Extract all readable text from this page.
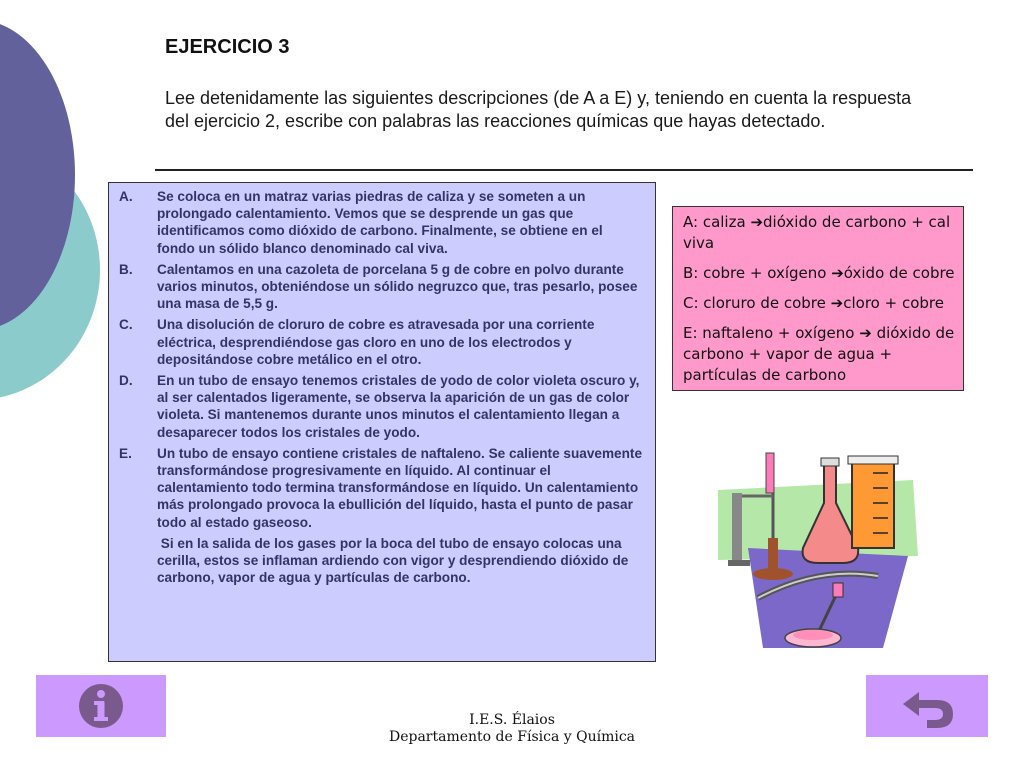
EJERCICIO 3

Lee detenidamente las siguientes descripciones (de A a E) y, teniendo en cuenta la respuesta del ejercicio 2, escribe con palabras las reacciones químicas que hayas detectado.

A.	Se coloca en un matraz varias piedras de caliza y se someten a un prolongado calentamiento. Vemos que se desprende un gas que identificamos como dióxido de carbono. Finalmente, se obtiene en el fondo un sólido blanco denominado cal viva.
B.	Calentamos en una cazoleta de porcelana 5 g de cobre en polvo durante varios minutos, obteniéndose un sólido negruzco que, tras pesarlo, posee una masa de 5,5 g.
C.	Una disolución de cloruro de cobre es atravesada por una corriente eléctrica, desprendiéndose gas cloro en uno de los electrodos y depositándose cobre metálico en el otro.
D.	En un tubo de ensayo tenemos cristales de yodo de color violeta oscuro y, al ser calentados ligeramente, se observa la aparición de un gas de color violeta. Si mantenemos durante unos minutos el calentamiento llegan a desaparecer todos los cristales de yodo.
E.	Un tubo de ensayo contiene cristales de naftaleno. Se caliente suavemente transformándose progresivamente en líquido. Al continuar el calentamiento todo termina transformándose en líquido. Un calentamiento más prolongado provoca la ebullición del líquido, hasta el punto de pasar todo al estado gaseoso.
Si en la salida de los gases por la boca del tubo de ensayo colocas una cerilla, estos se inflaman ardiendo con vigor y desprendiendo dióxido de carbono, vapor de agua y partículas de carbono.

A: caliza ➔dióxido de carbono + cal viva

B: cobre + oxígeno ➔óxido de cobre

C: cloruro de cobre ➔cloro + cobre

E: naftaleno + oxígeno ➔ dióxido de carbono + vapor de agua + partículas de carbono

I.E.S. Élaios
Departamento de Física y Química
